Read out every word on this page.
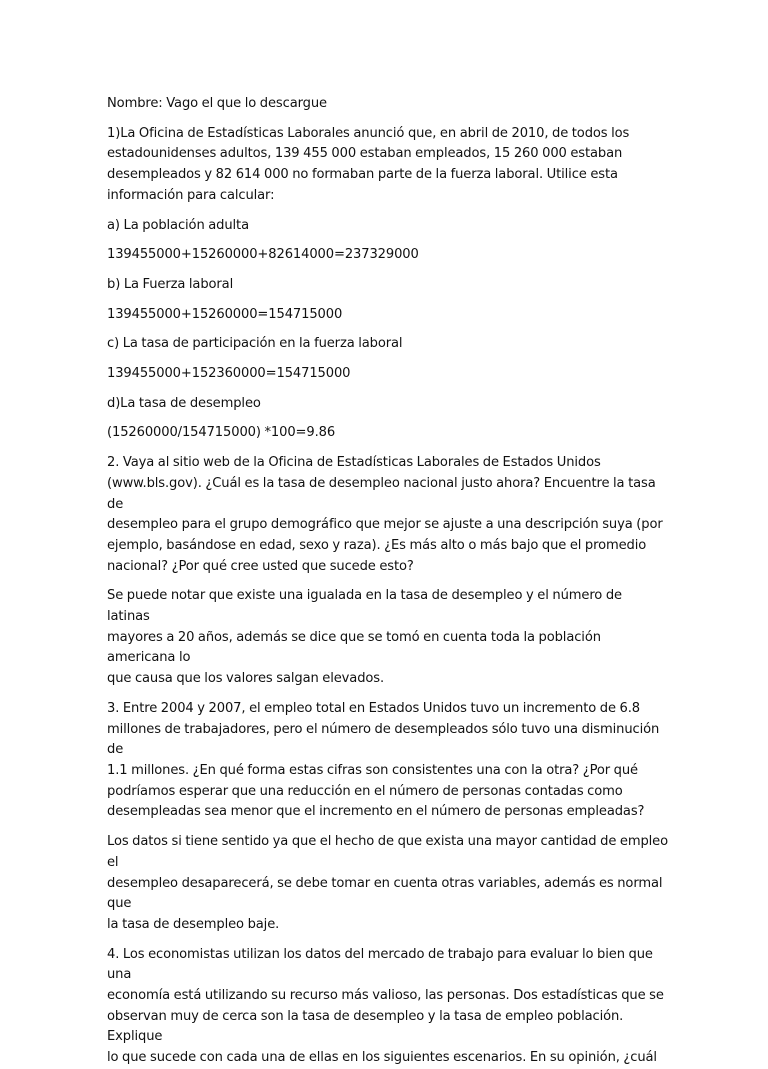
Nombre: Vago el que lo descargue

1)La Oficina de Estadísticas Laborales anunció que, en abril de 2010, de todos los
estadounidenses adultos, 139 455 000 estaban empleados, 15 260 000 estaban
desempleados y 82 614 000 no formaban parte de la fuerza laboral. Utilice esta
información para calcular:

a) La población adulta

139455000+15260000+82614000=237329000

b) La Fuerza laboral

139455000+15260000=154715000

c) La tasa de participación en la fuerza laboral

139455000+152360000=154715000

d)La tasa de desempleo

(15260000/154715000) *100=9.86

2. Vaya al sitio web de la Oficina de Estadísticas Laborales de Estados Unidos
(www.bls.gov). ¿Cuál es la tasa de desempleo nacional justo ahora? Encuentre la tasa de
desempleo para el grupo demográfico que mejor se ajuste a una descripción suya (por
ejemplo, basándose en edad, sexo y raza). ¿Es más alto o más bajo que el promedio
nacional? ¿Por qué cree usted que sucede esto?

Se puede notar que existe una igualada en la tasa de desempleo y el número de latinas
mayores a 20 años, además se dice que se tomó en cuenta toda la población americana lo
que causa que los valores salgan elevados.

3. Entre 2004 y 2007, el empleo total en Estados Unidos tuvo un incremento de 6.8
millones de trabajadores, pero el número de desempleados sólo tuvo una disminución de
1.1 millones. ¿En qué forma estas cifras son consistentes una con la otra? ¿Por qué
podríamos esperar que una reducción en el número de personas contadas como
desempleadas sea menor que el incremento en el número de personas empleadas?

Los datos si tiene sentido ya que el hecho de que exista una mayor cantidad de empleo el
desempleo desaparecerá, se debe tomar en cuenta otras variables, además es normal que
la tasa de desempleo baje.

4. Los economistas utilizan los datos del mercado de trabajo para evaluar lo bien que una
economía está utilizando su recurso más valioso, las personas. Dos estadísticas que se
observan muy de cerca son la tasa de desempleo y la tasa de empleo población. Explique
lo que sucede con cada una de ellas en los siguientes escenarios. En su opinión, ¿cuál
